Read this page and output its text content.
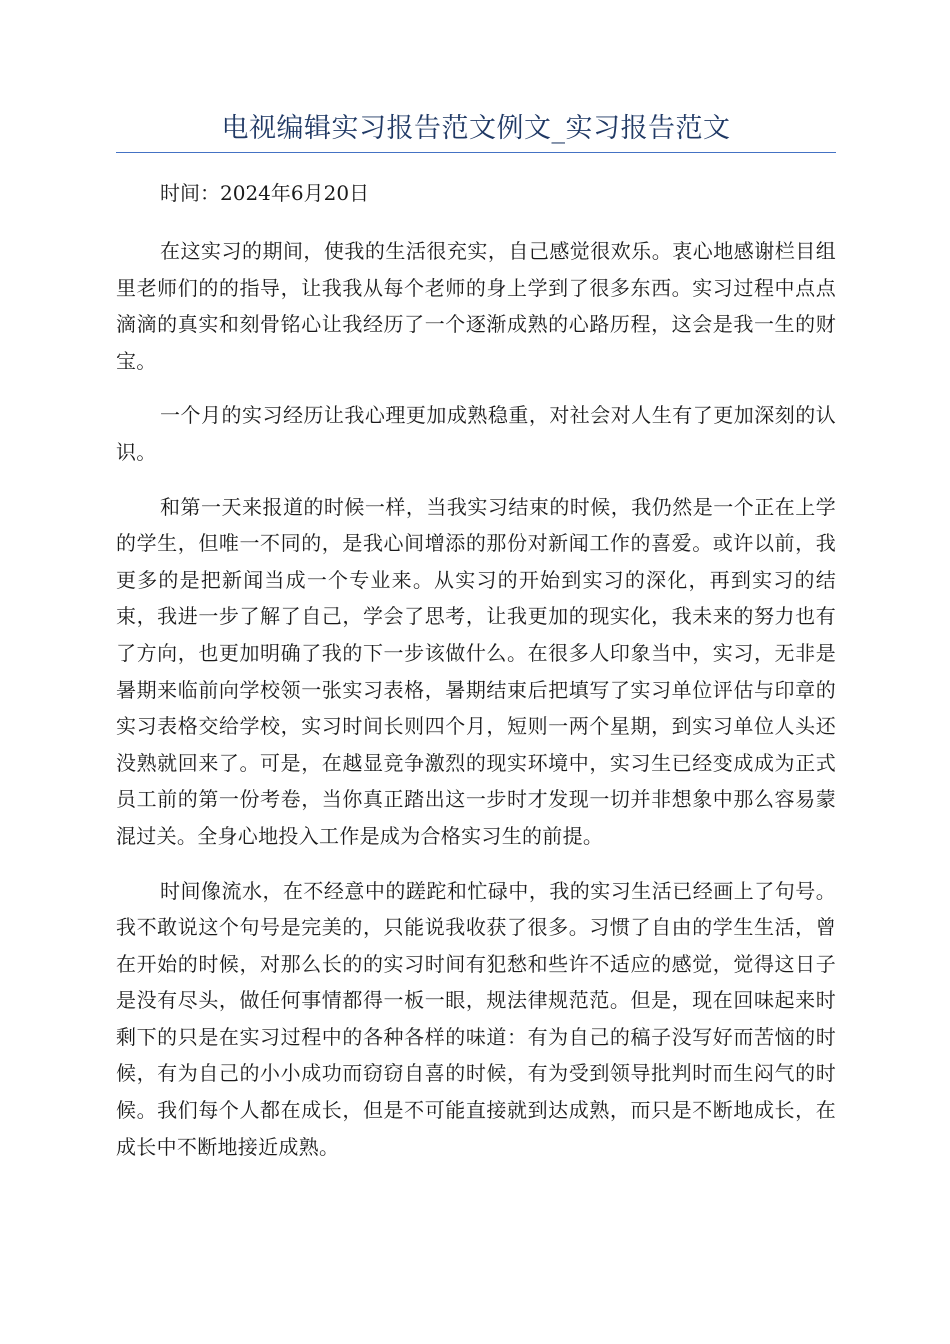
电视编辑实习报告范文例文_实习报告范文
时间：2024年6月20日

在这实习的期间，使我的生活很充实，自己感觉很欢乐。衷心地感谢栏目组里老师们的的指导，让我我从每个老师的身上学到了很多东西。实习过程中点点滴滴的真实和刻骨铭心让我经历了一个逐渐成熟的心路历程，这会是我一生的财宝。

一个月的实习经历让我心理更加成熟稳重，对社会对人生有了更加深刻的认识。

和第一天来报道的时候一样，当我实习结束的时候，我仍然是一个正在上学的学生，但唯一不同的，是我心间增添的那份对新闻工作的喜爱。或许以前，我更多的是把新闻当成一个专业来。从实习的开始到实习的深化，再到实习的结束，我进一步了解了自己，学会了思考，让我更加的现实化，我未来的努力也有了方向，也更加明确了我的下一步该做什么。在很多人印象当中，实习，无非是暑期来临前向学校领一张实习表格，暑期结束后把填写了实习单位评估与印章的实习表格交给学校，实习时间长则四个月，短则一两个星期，到实习单位人头还没熟就回来了。可是，在越显竞争激烈的现实环境中，实习生已经变成成为正式员工前的第一份考卷，当你真正踏出这一步时才发现一切并非想象中那么容易蒙混过关。全身心地投入工作是成为合格实习生的前提。

时间像流水，在不经意中的蹉跎和忙碌中，我的实习生活已经画上了句号。我不敢说这个句号是完美的，只能说我收获了很多。习惯了自由的学生生活，曾在开始的时候，对那么长的的实习时间有犯愁和些许不适应的感觉，觉得这日子是没有尽头，做任何事情都得一板一眼，规法律规范范。但是，现在回味起来时剩下的只是在实习过程中的各种各样的味道：有为自己的稿子没写好而苦恼的时候，有为自己的小小成功而窃窃自喜的时候，有为受到领导批判时而生闷气的时候。我们每个人都在成长，但是不可能直接就到达成熟，而只是不断地成长，在成长中不断地接近成熟。
